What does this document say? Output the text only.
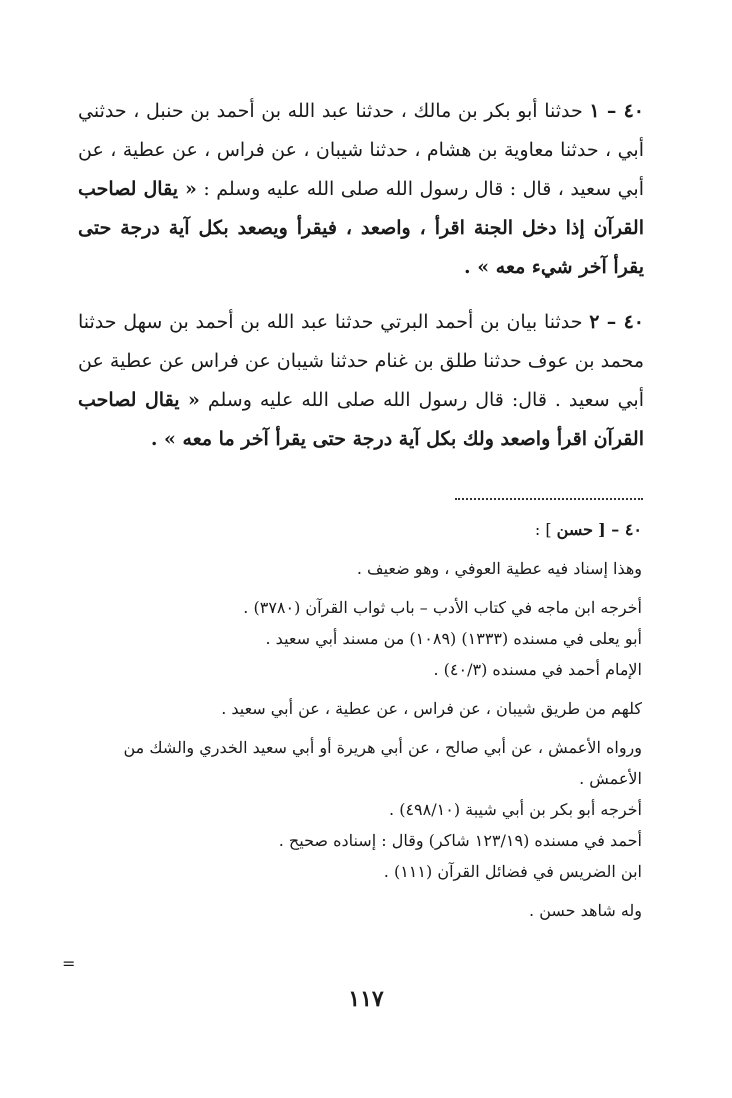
٤٠ – ١ حدثنا أبو بكر بن مالك ، حدثنا عبد الله بن أحمد بن حنبل ، حدثني أبي ، حدثنا معاوية بن هشام ، حدثنا شيبان ، عن فراس ، عن عطية ، عن أبي سعيد ، قال : قال رسول الله صلى الله عليه وسلم : « يقال لصاحب القرآن إذا دخل الجنة اقرأ ، واصعد ، فيقرأ ويصعد بكل آية درجة حتى يقرأ آخر شيء معه » .

٤٠ – ٢ حدثنا بيان بن أحمد البرتي حدثنا عبد الله بن أحمد بن سهل حدثنا محمد بن عوف حدثنا طلق بن غنام حدثنا شيبان عن فراس عن عطية عن أبي سعيد . قال: قال رسول الله صلى الله عليه وسلم « يقال لصاحب القرآن اقرأ واصعد ولك بكل آية درجة حتى يقرأ آخر ما معه » .

٤٠ – [ حسن ] :

وهذا إسناد فيه عطية العوفي ، وهو ضعيف .

أخرجه ابن ماجه في كتاب الأدب – باب ثواب القرآن (٣٧٨٠) .

أبو يعلى في مسنده (١٣٣٣) (١٠٨٩) من مسند أبي سعيد .

الإمام أحمد في مسنده (٤٠/٣) .

كلهم من طريق شيبان ، عن فراس ، عن عطية ، عن أبي سعيد .

ورواه الأعمش ، عن أبي صالح ، عن أبي هريرة أو أبي سعيد الخدري والشك من الأعمش .

أخرجه أبو بكر بن أبي شيبة (٤٩٨/١٠) .

أحمد في مسنده (١٢٣/١٩ شاكر) وقال : إسناده صحيح .

ابن الضريس في فضائل القرآن (١١١) .

وله شاهد حسن .

=
١١٧
